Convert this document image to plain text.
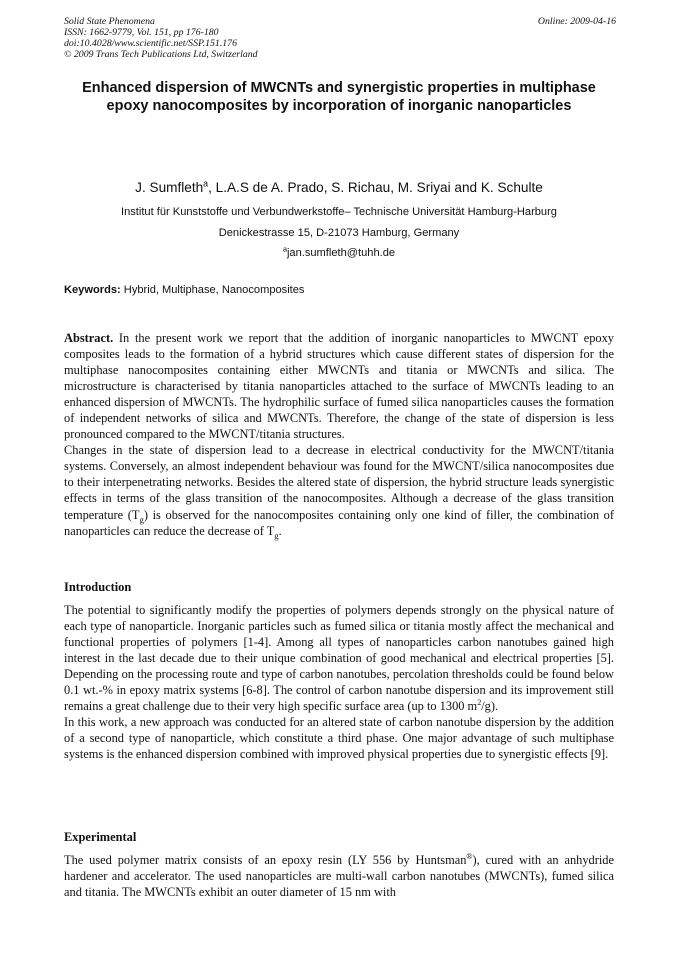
Solid State Phenomena
ISSN: 1662-9779, Vol. 151, pp 176-180
doi:10.4028/www.scientific.net/SSP.151.176
© 2009 Trans Tech Publications Ltd, Switzerland
Online: 2009-04-16
Enhanced dispersion of MWCNTs and synergistic properties in multiphase epoxy nanocomposites by incorporation of inorganic nanoparticles
J. Sumfleth$^a$, L.A.S de A. Prado, S. Richau, M. Sriyai and K. Schulte
Institut für Kunststoffe und Verbundwerkstoffe– Technische Universität Hamburg-Harburg
Denickestrasse 15, D-21073 Hamburg, Germany
$^a$jan.sumfleth@tuhh.de
Keywords: Hybrid, Multiphase, Nanocomposites

Abstract. In the present work we report that the addition of inorganic nanoparticles to MWCNT epoxy composites leads to the formation of a hybrid structures which cause different states of dispersion for the multiphase nanocomposites containing either MWCNTs and titania or MWCNTs and silica. The microstructure is characterised by titania nanoparticles attached to the surface of MWCNTs leading to an enhanced dispersion of MWCNTs. The hydrophilic surface of fumed silica nanoparticles causes the formation of independent networks of silica and MWCNTs. Therefore, the change of the state of dispersion is less pronounced compared to the MWCNT/titania structures.

Changes in the state of dispersion lead to a decrease in electrical conductivity for the MWCNT/titania systems. Conversely, an almost independent behaviour was found for the MWCNT/silica nanocomposites due to their interpenetrating networks. Besides the altered state of dispersion, the hybrid structure leads synergistic effects in terms of the glass transition of the nanocomposites. Although a decrease of the glass transition temperature $(T_g)$ is observed for the nanocomposites containing only one kind of filler, the combination of nanoparticles can reduce the decrease of $T_g$.

Introduction

The potential to significantly modify the properties of polymers depends strongly on the physical nature of each type of nanoparticle. Inorganic particles such as fumed silica or titania mostly affect the mechanical and functional properties of polymers [1-4]. Among all types of nanoparticles carbon nanotubes gained high interest in the last decade due to their unique combination of good mechanical and electrical properties [5]. Depending on the processing route and type of carbon nanotubes, percolation thresholds could be found below 0.1 wt.-% in epoxy matrix systems [6-8]. The control of carbon nanotube dispersion and its improvement still remains a great challenge due to their very high specific surface area (up to 1300 $m^2/g$).

In this work, a new approach was conducted for an altered state of carbon nanotube dispersion by the addition of a second type of nanoparticle, which constitute a third phase. One major advantage of such multiphase systems is the enhanced dispersion combined with improved physical properties due to synergistic effects [9].

Experimental

The used polymer matrix consists of an epoxy resin (LY 556 by Huntsman®), cured with an anhydride hardener and accelerator. The used nanoparticles are multi-wall carbon nanotubes (MWCNTs), fumed silica and titania. The MWCNTs exhibit an outer diameter of 15 nm with
